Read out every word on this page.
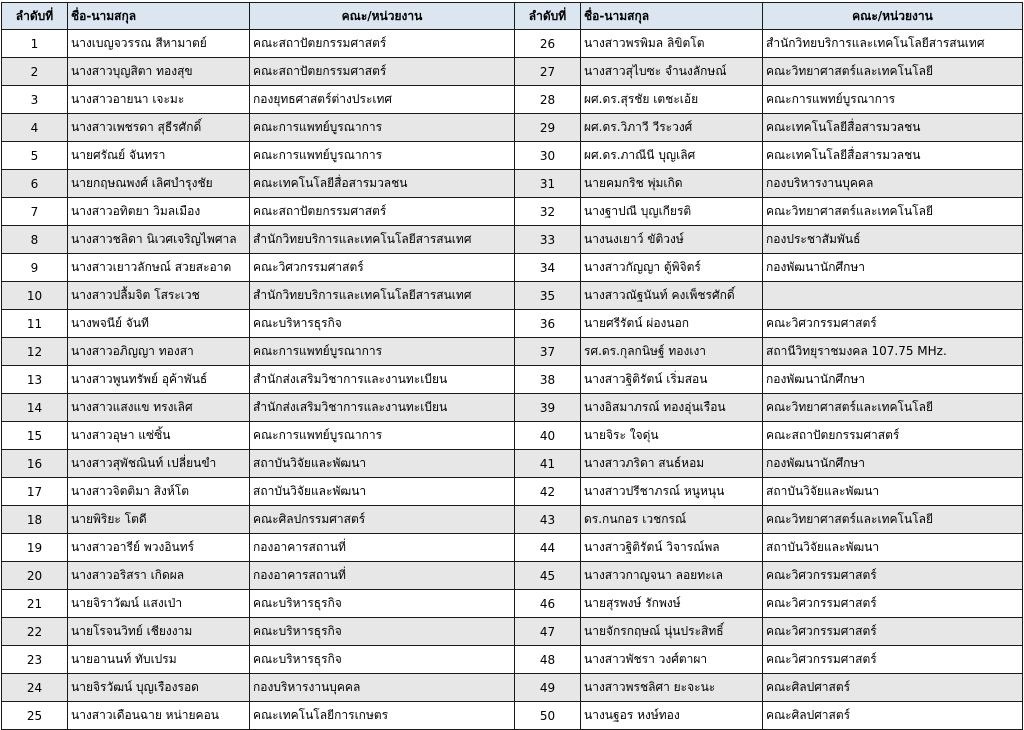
ลำดับที่	ชื่อ-นามสกุล	คณะ/หน่วยงาน	ลำดับที่	ชื่อ-นามสกุล	คณะ/หน่วยงาน
1	นางเบญจวรรณ สีหามาตย์	คณะสถาปัตยกรรมศาสตร์	26	นางสาวพรพิมล ลิขิตโต	สำนักวิทยบริการและเทคโนโลยีสารสนเทศ
2	นางสาวบุญสิตา ทองสุข	คณะสถาปัตยกรรมศาสตร์	27	นางสาวสุไบซะ จำนงลักษณ์	คณะวิทยาศาสตร์และเทคโนโลยี
3	นางสาวอายนา เจะมะ	กองยุทธศาสตร์ต่างประเทศ	28	ผศ.ดร.สุรชัย เตชะเอ้ย	คณะการแพทย์บูรณาการ
4	นางสาวเพชรดา สุธีรศักดิ์	คณะการแพทย์บูรณาการ	29	ผศ.ดร.วิภาวี วีระวงศ์	คณะเทคโนโลยีสื่อสารมวลชน
5	นายศรัณย์ จันทรา	คณะการแพทย์บูรณาการ	30	ผศ.ดร.ภาณีนี บุญเลิศ	คณะเทคโนโลยีสื่อสารมวลชน
6	นายกฤษณพงศ์ เลิศบำรุงชัย	คณะเทคโนโลยีสื่อสารมวลชน	31	นายคมกริช พุ่มเกิด	กองบริหารงานบุคคล
7	นางสาวอทิตยา วิมลเมือง	คณะสถาปัตยกรรมศาสตร์	32	นางฐาปณี บุญเกียรติ	คณะวิทยาศาสตร์และเทคโนโลยี
8	นางสาวชลิดา นิเวศเจริญไพศาล	สำนักวิทยบริการและเทคโนโลยีสารสนเทศ	33	นางนงเยาว์ ขัติวงษ์	กองประชาสัมพันธ์
9	นางสาวเยาวลักษณ์ สวยสะอาด	คณะวิศวกรรมศาสตร์	34	นางสาวกัญญา ตู้พิจิตร์	กองพัฒนานักศึกษา
10	นางสาวปลื้มจิต โสระเวช	สำนักวิทยบริการและเทคโนโลยีสารสนเทศ	35	นางสาวณัฐนันท์ คงเพ็ชรศักดิ์	
11	นางพจนีย์ จันที	คณะบริหารธุรกิจ	36	นายศรีรัตน์ ผ่องนอก	คณะวิศวกรรมศาสตร์
12	นางสาวอภิญญา ทองสา	คณะการแพทย์บูรณาการ	37	รศ.ดร.กุลกนิษฐ์ ทองเงา	สถานีวิทยุราชมงคล 107.75 MHz.
13	นางสาวพูนทรัพย์ อุค้าพันธ์	สำนักส่งเสริมวิชาการและงานทะเบียน	38	นางสาวฐิติรัตน์ เริ่มสอน	กองพัฒนานักศึกษา
14	นางสาวแสงแข ทรงเลิศ	สำนักส่งเสริมวิชาการและงานทะเบียน	39	นางอิสมาภรณ์ ทองอุ่นเรือน	คณะวิทยาศาสตร์และเทคโนโลยี
15	นางสาวอุษา แซ่ซิ้น	คณะการแพทย์บูรณาการ	40	นายจิระ ใจดุ่น	คณะสถาปัตยกรรมศาสตร์
16	นางสาวสุพัชณินท์ เปลี่ยนขำ	สถาบันวิจัยและพัฒนา	41	นางสาวภริดา สนธ์หอม	กองพัฒนานักศึกษา
17	นางสาวจิตติมา สิงห์โต	สถาบันวิจัยและพัฒนา	42	นางสาวปรีชาภรณ์ หนูหนุน	สถาบันวิจัยและพัฒนา
18	นายพิริยะ โตดี	คณะศิลปกรรมศาสตร์	43	ดร.กนกอร เวชกรณ์	คณะวิทยาศาสตร์และเทคโนโลยี
19	นางสาวอารีย์ พวงอินทร์	กองอาคารสถานที่	44	นางสาวฐิติรัตน์ วิจารณ์พล	สถาบันวิจัยและพัฒนา
20	นางสาวอริสรา เกิดผล	กองอาคารสถานที่	45	นางสาวกาญจนา ลอยทะเล	คณะวิศวกรรมศาสตร์
21	นายจิราวัฒน์ แสงเป่า	คณะบริหารธุรกิจ	46	นายสุรพงษ์ รักพงษ์	คณะวิศวกรรมศาสตร์
22	นายโรจนวิทย์ เชียงงาม	คณะบริหารธุรกิจ	47	นายจักรกฤษณ์ นุ่นประสิทธิ์	คณะวิศวกรรมศาสตร์
23	นายอานนท์ ทับเปรม	คณะบริหารธุรกิจ	48	นางสาวพัชรา วงศ์ตาผา	คณะวิศวกรรมศาสตร์
24	นายจิรวัฒน์ บุญเรืองรอด	กองบริหารงานบุคคล	49	นางสาวพรชลิศา ยะจะนะ	คณะศิลปศาสตร์
25	นางสาวเดือนฉาย หน่ายคอน	คณะเทคโนโลยีการเกษตร	50	นางนฐอร หงษ์ทอง	คณะศิลปศาสตร์
